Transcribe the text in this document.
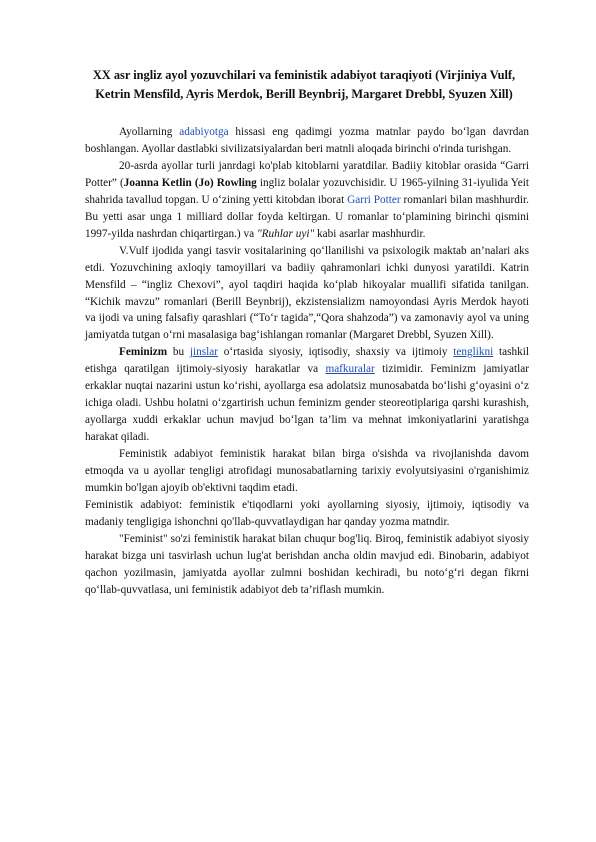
XX asr ingliz ayol yozuvchilari va feministik adabiyot taraqiyoti (Virjiniya Vulf, Ketrin Mensfild, Ayris Merdok, Berill Beynbrij, Margaret Drebbl, Syuzen Xill)

Ayollarning adabiyotga hissasi eng qadimgi yozma matnlar paydo bo‘lgan davrdan boshlangan. Ayollar dastlabki sivilizatsiyalardan beri matnli aloqada birinchi o'rinda turishgan.

20-asrda ayollar turli janrdagi ko'plab kitoblarni yaratdilar. Badiiy kitoblar orasida “Garri Potter” (Joanna Ketlin (Jo) Rowling ingliz bolalar yozuvchisidir. U 1965-yilning 31-iyulida Yeit shahrida tavallud topgan. U o‘zining yetti kitobdan iborat Garri Potter romanlari bilan mashhurdir. Bu yetti asar unga 1 milliard dollar foyda keltirgan. U romanlar to‘plamining birinchi qismini 1997-yilda nashrdan chiqartirgan.) va "Ruhlar uyi" kabi asarlar mashhurdir.

V.Vulf ijodida yangi tasvir vositalarining qo‘llanilishi va psixologik maktab an’nalari aks etdi. Yozuvchining axloqiy tamoyillari va badiiy qahramonlari ichki dunyosi yaratildi. Katrin Mensfild – “ingliz Chexovi”, ayol taqdiri haqida ko‘plab hikoyalar muallifi sifatida tanilgan. “Kichik mavzu” romanlari (Berill Beynbrij), ekzistensializm namoyondasi Ayris Merdok hayoti va ijodi va uning falsafiy qarashlari (“To‘r tagida”,“Qora shahzoda”) va zamonaviy ayol va uning jamiyatda tutgan o‘rni masalasiga bag‘ishlangan romanlar (Margaret Drebbl, Syuzen Xill).

Feminizm bu jinslar o‘rtasida siyosiy, iqtisodiy, shaxsiy va ijtimoiy tenglikni tashkil etishga qaratilgan ijtimoiy-siyosiy harakatlar va mafkuralar tizimidir. Feminizm jamiyatlar erkaklar nuqtai nazarini ustun ko‘rishi, ayollarga esa adolatsiz munosabatda bo‘lishi g‘oyasini o‘z ichiga oladi. Ushbu holatni o‘zgartirish uchun feminizm gender steoreotiplariga qarshi kurashish, ayollarga xuddi erkaklar uchun mavjud bo‘lgan ta’lim va mehnat imkoniyatlarini yaratishga harakat qiladi.

Feministik adabiyot feministik harakat bilan birga o'sishda va rivojlanishda davom etmoqda va u ayollar tengligi atrofidagi munosabatlarning tarixiy evolyutsiyasini o'rganishimiz mumkin bo'lgan ajoyib ob'ektivni taqdim etadi.

Feministik adabiyot: feministik e'tiqodlarni yoki ayollarning siyosiy, ijtimoiy, iqtisodiy va madaniy tengligiga ishonchni qo'llab-quvvatlaydigan har qanday yozma matndir.

"Feminist" so'zi feministik harakat bilan chuqur bog'liq. Biroq, feministik adabiyot siyosiy harakat bizga uni tasvirlash uchun lug'at berishdan ancha oldin mavjud edi. Binobarin, adabiyot qachon yozilmasin, jamiyatda ayollar zulmni boshidan kechiradi, bu noto‘g‘ri degan fikrni qo‘llab-quvvatlasa, uni feministik adabiyot deb ta’riflash mumkin.
